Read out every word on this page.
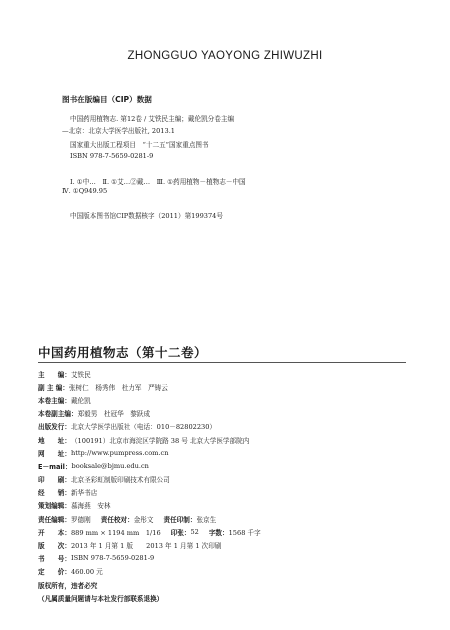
ZHONGGUO YAOYONG ZHIWUZHI
图书在版编目（CIP）数据
中国药用植物志. 第12卷 / 艾铁民主编；戴伦凯分卷主编
—北京：北京大学医学出版社, 2013.1
国家重大出版工程项目　“十二五”国家重点图书
ISBN 978-7-5659-0281-9
Ⅰ. ①中…　Ⅱ. ①艾…②戴…　Ⅲ. ①药用植物－植物志－中国
Ⅳ. ①Q949.95
中国版本图书馆CIP数据核字（2011）第199374号
中国药用植物志（第十二卷）
主　　编： 艾铁民
副 主 编： 张树仁　杨秀伟　杜力军　严铸云
本卷主编： 戴伦凯
本卷副主编： 郑毅男　杜冠华　黎跃成
出版发行： 北京大学医学出版社（电话：010－82802230）
地　　址： （100191）北京市海淀区学院路 38 号 北京大学医学部院内
网　　址： http://www.pumpress.com.cn
E－mail： booksale@bjmu.edu.cn
印　　刷： 北京圣彩虹制版印刷技术有限公司
经　　销： 新华书店
策划编辑： 慕海燕　安林
责任编辑： 罗德刚 责任校对： 金彤文 责任印制： 张京生
开　　本： 889 mm × 1194 mm　1/16 印张： 52 字数： 1568 千字
版　　次： 2013 年 1 月第 1 版　　2013 年 1 月第 1 次印刷
书　　号： ISBN 978-7-5659-0281-9
定　　价： 460.00 元
版权所有，违者必究
（凡属质量问题请与本社发行部联系退换）
